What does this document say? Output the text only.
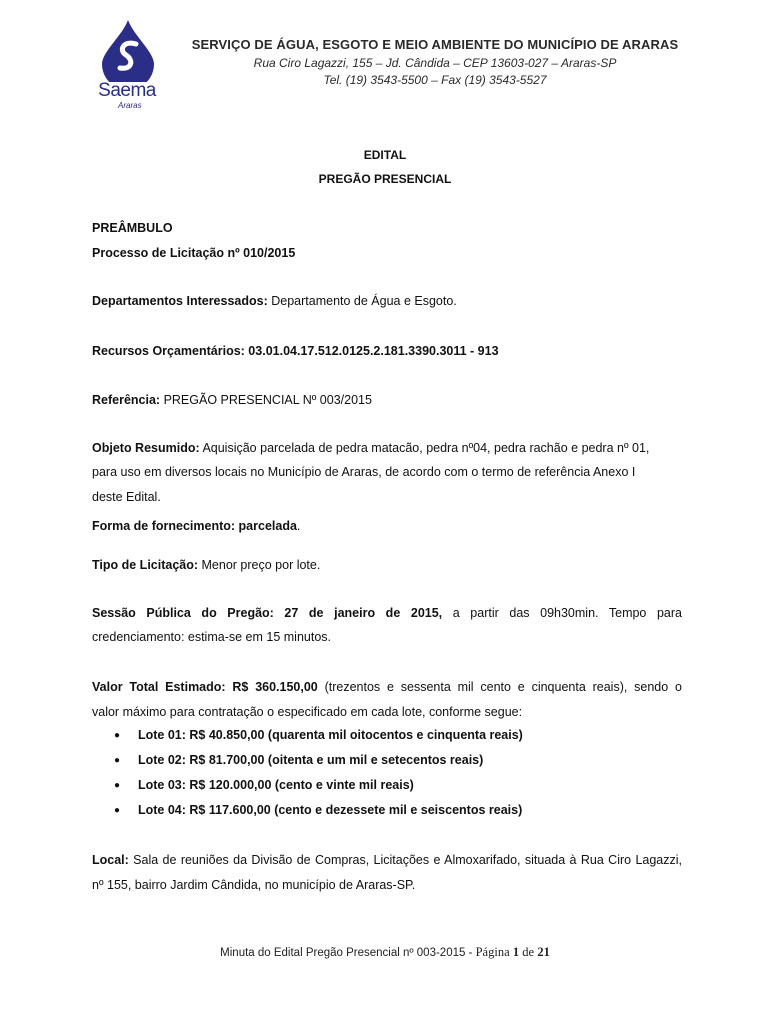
Saema
Araras
SERVIÇO DE ÁGUA, ESGOTO E MEIO AMBIENTE DO MUNICÍPIO DE ARARAS
Rua Ciro Lagazzi, 155 – Jd. Cândida – CEP 13603-027 – Araras-SP
Tel. (19) 3543-5500 – Fax (19) 3543-5527
EDITAL
PREGÃO PRESENCIAL
PREÂMBULO
Processo de Licitação nº 010/2015
Departamentos Interessados: Departamento de Água e Esgoto.
Recursos Orçamentários: 03.01.04.17.512.0125.2.181.3390.3011 - 913
Referência: PREGÃO PRESENCIAL Nº 003/2015
Objeto Resumido: Aquisição parcelada de pedra matacão, pedra nº04, pedra rachão e pedra nº 01,
para uso em diversos locais no Município de Araras, de acordo com o termo de referência Anexo I
deste Edital.
Forma de fornecimento: parcelada.
Tipo de Licitação: Menor preço por lote.
Sessão Pública do Pregão: 27 de janeiro de 2015, a partir das 09h30min. Tempo para
credenciamento: estima-se em 15 minutos.
Valor Total Estimado: R$ 360.150,00 (trezentos e sessenta mil cento e cinquenta reais), sendo o
valor máximo para contratação o especificado em cada lote, conforme segue:
● Lote 01: R$ 40.850,00 (quarenta mil oitocentos e cinquenta reais)
● Lote 02: R$ 81.700,00 (oitenta e um mil e setecentos reais)
● Lote 03: R$ 120.000,00 (cento e vinte mil reais)
● Lote 04: R$ 117.600,00 (cento e dezessete mil e seiscentos reais)
Local: Sala de reuniões da Divisão de Compras, Licitações e Almoxarifado, situada à Rua Ciro Lagazzi,
nº 155, bairro Jardim Cândida, no município de Araras-SP.
Minuta do Edital Pregão Presencial nº 003-2015 - Página 1 de 21
